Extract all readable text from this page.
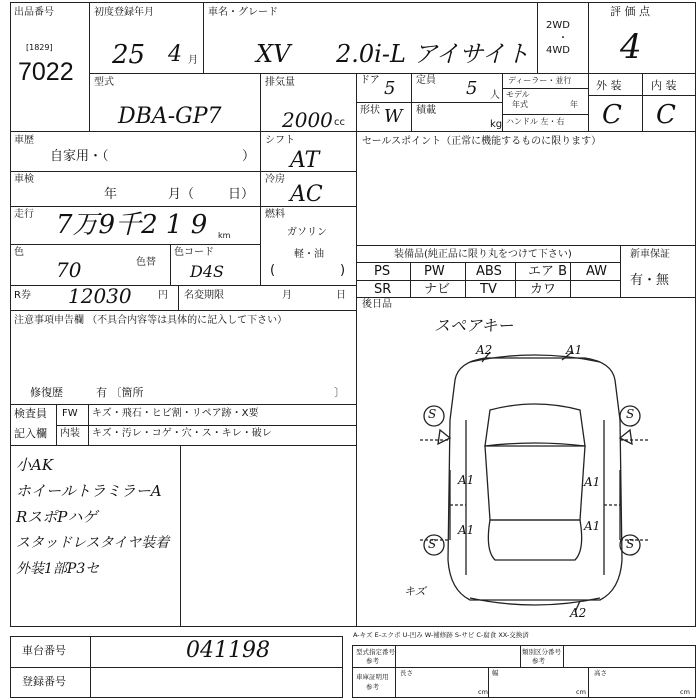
出品番号
[1829]
7022
初度登録年月
25 4 月
車名・グレード
XV 2.0i-L アイサイト
2WD
・
4WD
評 価 点
4
外 装	内 装
C C
型式
DBA-GP7
排気量
2000 cc
ドア 5
形状 W
定員 5 人
積載
kg
ディーラー・並行
モデル
年式	年
ハンドル 左・右
車歴
自家用・（	）
車検
年	月（	日）
走行 7万9千2 1 9 km
色
70	色替
色コード
D4S
シフト
AT
冷房
AC
燃料
ガソリン
軽・油
(	)
セールスポイント（正常に機能するものに限ります）
装備品(純正品に限り丸をつけて下さい)	新車保証
有・無
PS	PW ABS エア B AW
SR	ナビ TV	カワ
R券 12030	円 名変期限	月	日
後日品
スペアキー
注意事項申告欄 （不具合内容等は具体的に記入して下さい）
修復歴	有 〔箇所	〕
検査員
記入欄
FW キズ・飛石・ヒビ割・リペア跡・X要
内装 キズ・汚レ・コゲ・穴・ス・キレ・破レ
小AK
ホイールトラミラーA
RスポPハゲ
スタッドレスタイヤ装着
外装1部P3セ
A2	A1
S	S
A1	A1
A1	A1
S	S
キズ
A2
A-キズ E-エクボ U-凹み W-補修跡 S-サビ C-腐食 XX-交換済
車台番号	041198
登録番号
型式指定番号
参考
類別区分番号
参考
車庫証明用
参考
長さ	幅	高さ
cm	cm	cm
